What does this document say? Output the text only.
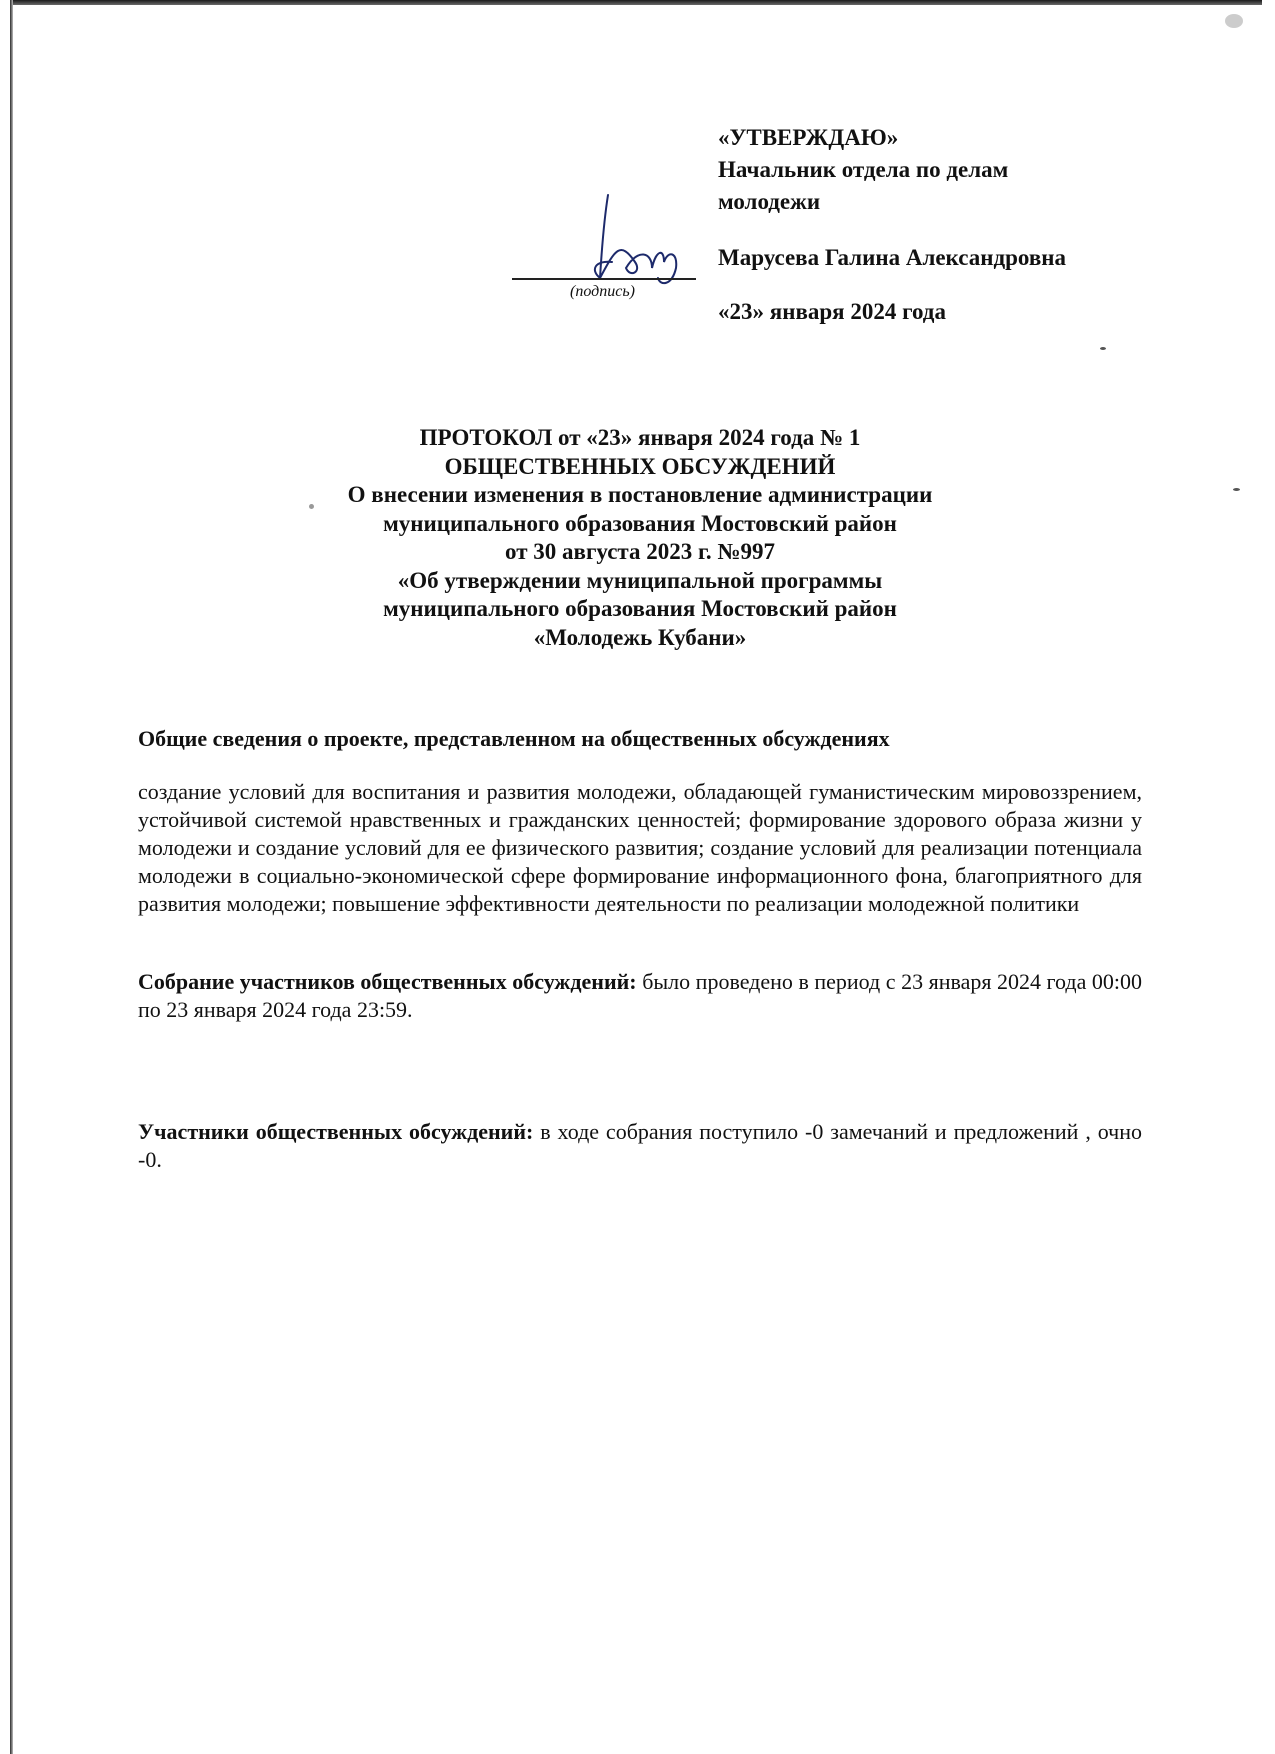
«УТВЕРЖДАЮ»
Начальник отдела по делам молодежи
Марусева Галина Александровна
«23» января 2024 года
(подпись)
ПРОТОКОЛ от «23» января 2024 года № 1
ОБЩЕСТВЕННЫХ ОБСУЖДЕНИЙ
О внесении изменения в постановление администрации
муниципального образования Мостовский район
от 30 августа 2023 г. №997
«Об утверждении муниципальной программы
муниципального образования Мостовский район
«Молодежь Кубани»
Общие сведения о проекте, представленном на общественных обсуждениях
создание условий для воспитания и развития молодежи, обладающей гуманистическим мировоззрением, устойчивой системой нравственных и гражданских ценностей; формирование здорового образа жизни у молодежи и создание условий для ее физического развития; создание условий для реализации потенциала молодежи в социально-экономической сфере формирование информационного фона, благоприятного для развития молодежи; повышение эффективности деятельности по реализации молодежной политики
Собрание участников общественных обсуждений: было проведено в период с 23 января 2024 года 00:00 по 23 января 2024 года 23:59.
Участники общественных обсуждений: в ходе собрания поступило -0 замечаний и предложений , очно -0.
